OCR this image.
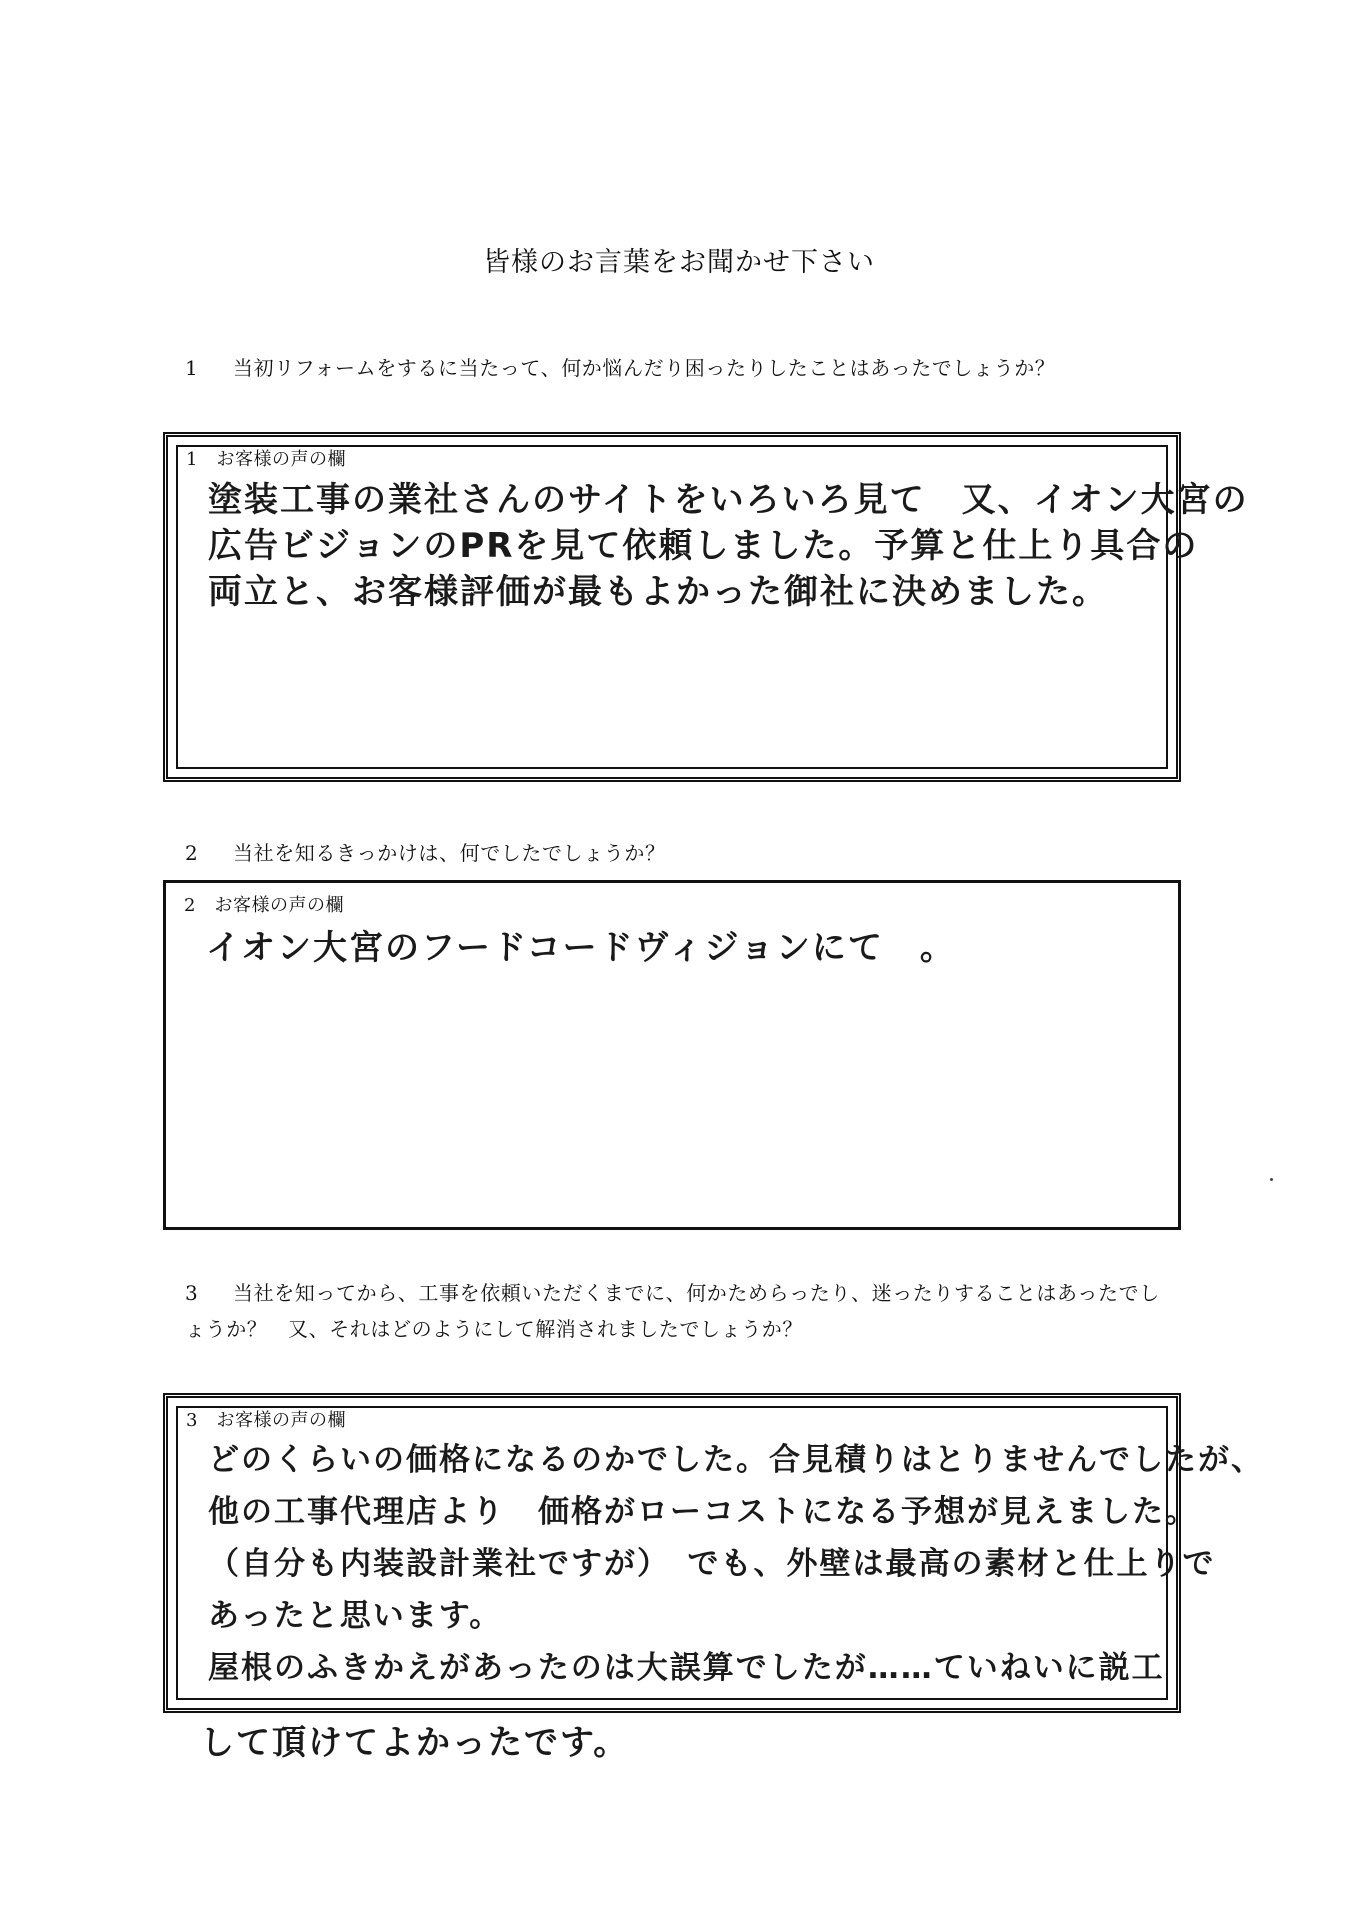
皆様のお言葉をお聞かせ下さい
1 当初リフォームをするに当たって、何か悩んだり困ったりしたことはあったでしょうか？
1　お客様の声の欄
塗装工事の業社さんのサイトをいろいろ見て　又、イオン大宮の
広告ビジョンのPRを見て依頼しました。予算と仕上り具合の
両立と、お客様評価が最もよかった御社に決めました。
2 当社を知るきっかけは、何でしたでしょうか？
2　お客様の声の欄
イオン大宮のフードコードヴィジョンにて　。
3 当社を知ってから、工事を依頼いただくまでに、何かためらったり、迷ったりすることはあったでしょうか？　又、それはどのようにして解消されましたでしょうか？
3　お客様の声の欄
どのくらいの価格になるのかでした。合見積りはとりませんでしたが、
他の工事代理店より　価格がローコストになる予想が見えました。
（自分も内装設計業社ですが）　でも、外壁は最高の素材と仕上りで
あったと思います。
屋根のふきかえがあったのは大誤算でしたが……ていねいに説工
して頂けてよかったです。
